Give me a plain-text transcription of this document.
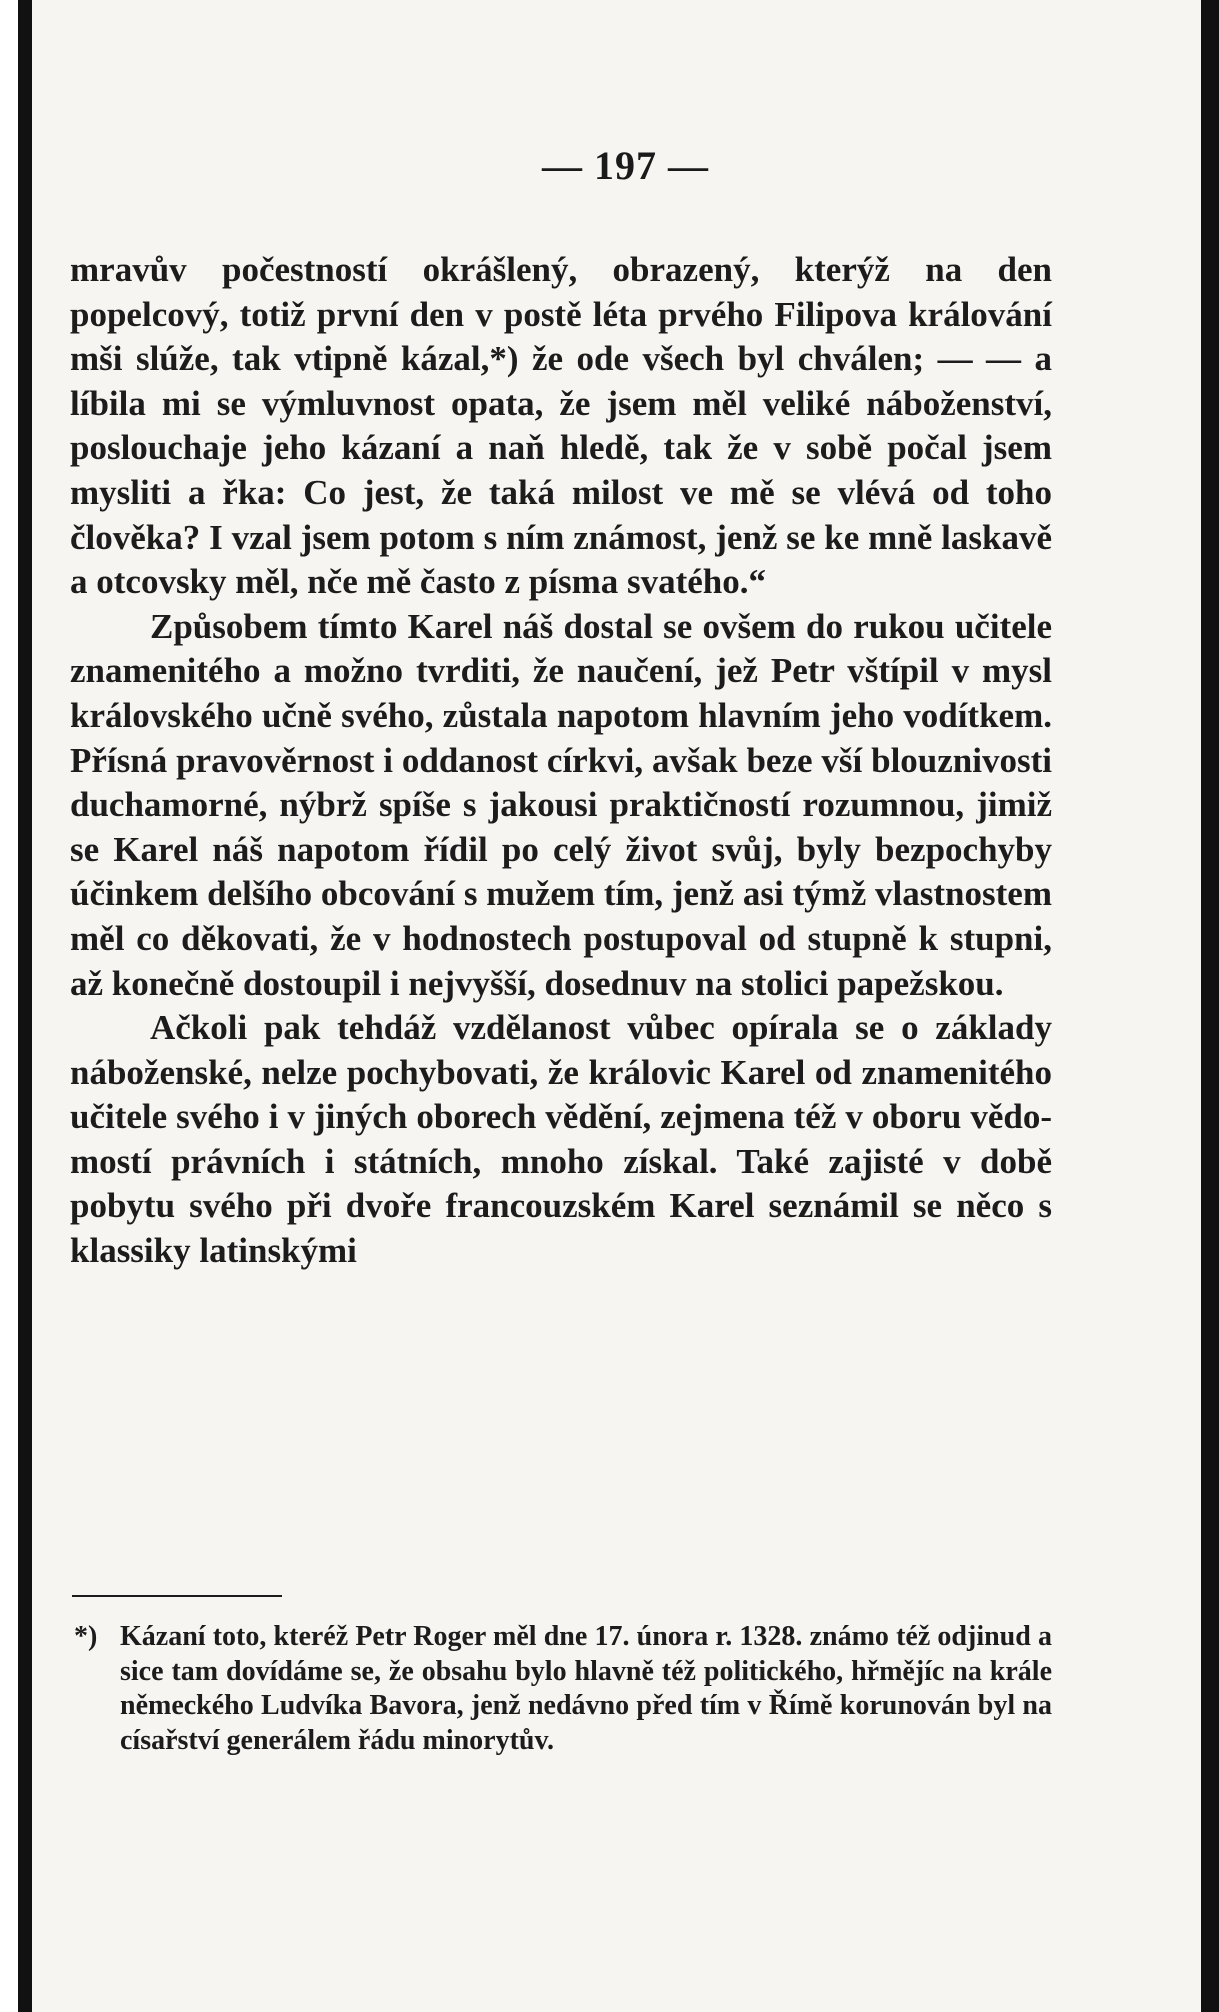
— 197 —

mravův počestností okrášlený, obrazený, kterýž na den popelcový, totiž první den v postě léta prvého Filipova králování mši slúže, tak vtipně kázal,*) že ode všech byl chválen; — — a líbila mi se výmluvnost opata, že jsem měl veliké náboženství, poslouchaje jeho kázaní a naň hledě, tak že v sobě počal jsem mysliti a řka: Co jest, že taká milost ve mě se vlévá od toho člověka? I vzal jsem potom s ním známost, jenž se ke mně laskavě a otcovsky měl, nče mě často z písma svatého.“

Způsobem tímto Karel náš dostal se ovšem do rukou učitele znamenitého a možno tvrditi, že naučení, jež Petr vštípil v mysl královského učně svého, zůstala napotom hlavním jeho vodítkem. Přísná pravověrnost i oddanost církvi, avšak beze vší blouznivosti duchamorné, nýbrž spíše s jakousi praktičností rozumnou, jimiž se Karel náš napotom řídil po celý život svůj, byly bezpochyby účinkem delšího obcování s mužem tím, jenž asi týmž vlastnostem měl co děkovati, že v hodnostech postupoval od stupně k stupni, až konečně dostoupil i nejvyšší, dosednuv na stolici papežskou.

Ačkoli pak tehdáž vzdělanost vůbec opírala se o základy náboženské, nelze pochybovati, že královic Karel od znamenitého učitele svého i v jiných oborech vědění, zejmena též v oboru vědomostí právních i státních, mnoho získal. Také zajisté v době pobytu svého při dvoře francouzském Karel seznámil se něco s klassiky latinskými

*) Kázaní toto, kteréž Petr Roger měl dne 17. února r. 1328. známo též odjinud a sice tam dovídáme se, že obsahu bylo hlavně též politického, hřmějíc na krále německého Ludvíka Bavora, jenž nedávno před tím v Římě korunován byl na císařství generálem řádu minorytův.
